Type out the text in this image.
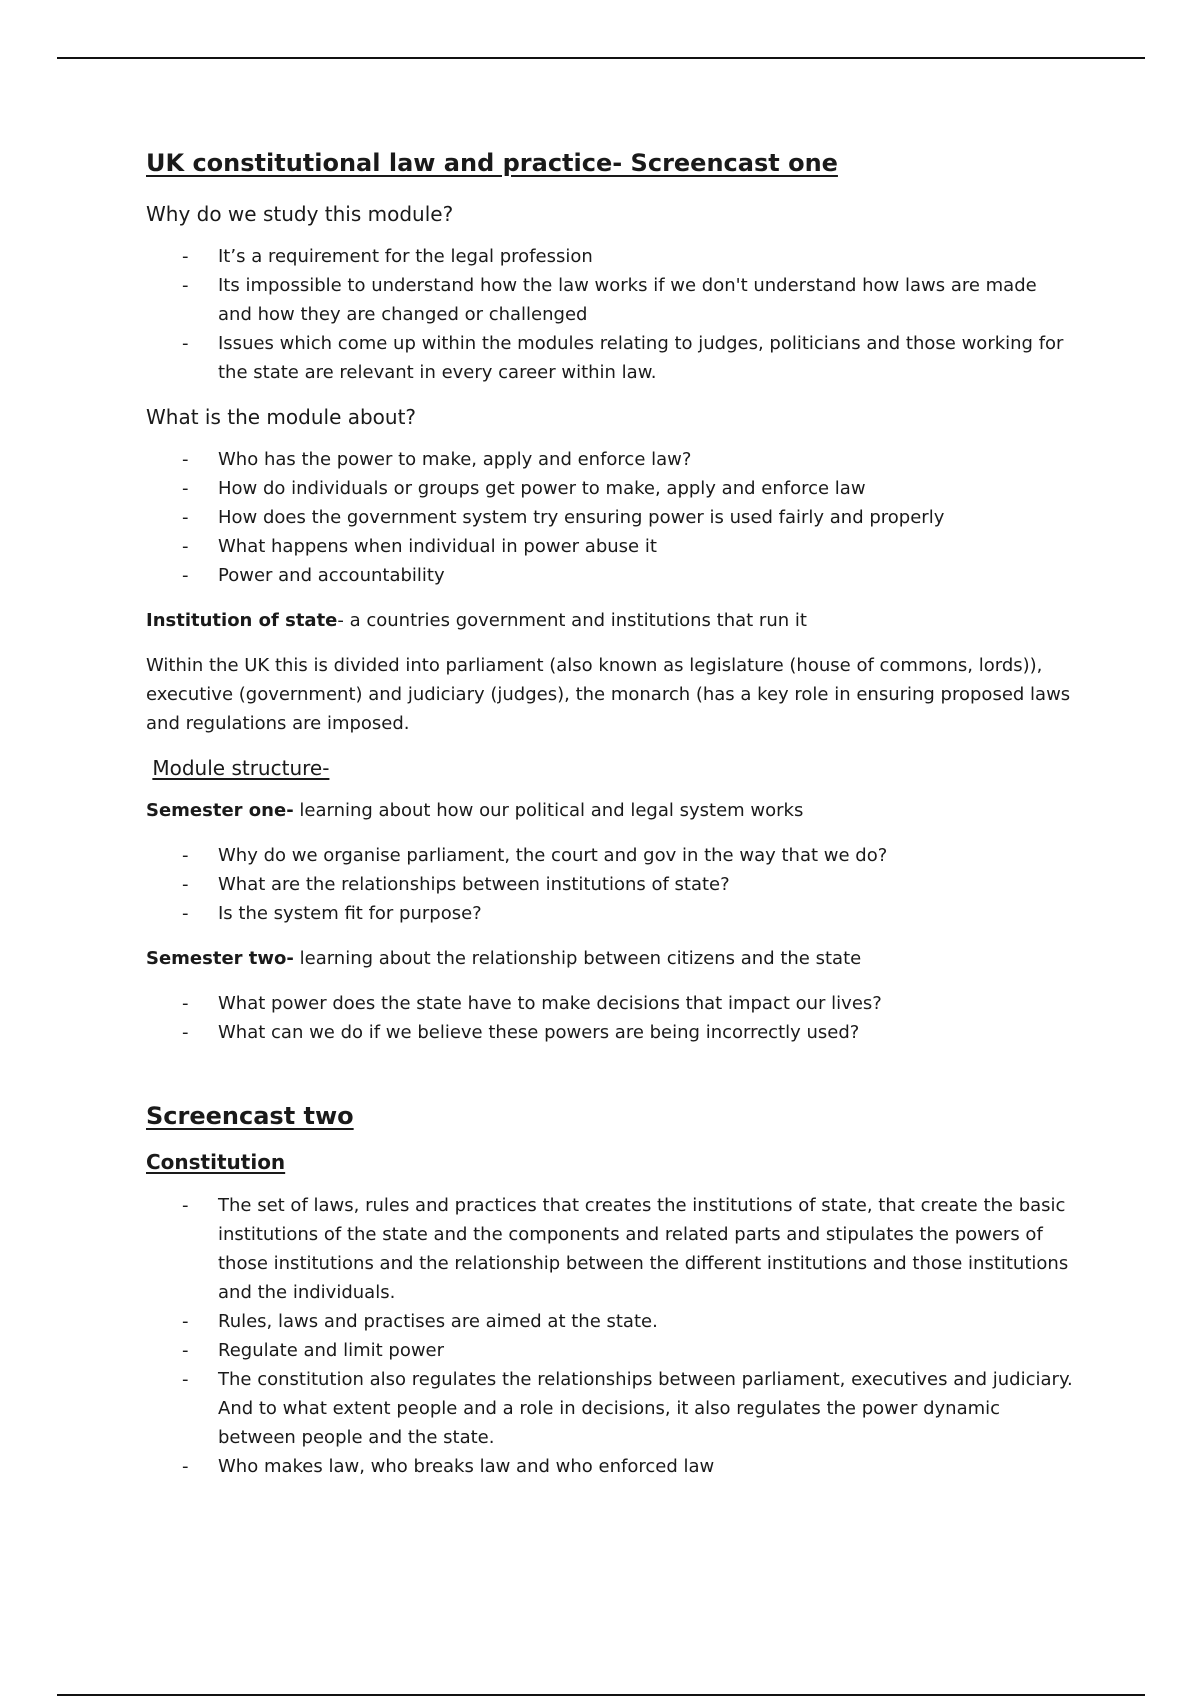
UK constitutional law and practice- Screencast one

Why do we study this module?

- It’s a requirement for the legal profession
- Its impossible to understand how the law works if we don't understand how laws are made and how they are changed or challenged
- Issues which come up within the modules relating to judges, politicians and those working for the state are relevant in every career within law.

What is the module about?

- Who has the power to make, apply and enforce law?
- How do individuals or groups get power to make, apply and enforce law
- How does the government system try ensuring power is used fairly and properly
- What happens when individual in power abuse it
- Power and accountability

Institution of state- a countries government and institutions that run it

Within the UK this is divided into parliament (also known as legislature (house of commons, lords)), executive (government) and judiciary (judges), the monarch (has a key role in ensuring proposed laws and regulations are imposed.

Module structure-

Semester one- learning about how our political and legal system works

- Why do we organise parliament, the court and gov in the way that we do?
- What are the relationships between institutions of state?
- Is the system fit for purpose?

Semester two- learning about the relationship between citizens and the state

- What power does the state have to make decisions that impact our lives?
- What can we do if we believe these powers are being incorrectly used?
Screencast two
Constitution
- The set of laws, rules and practices that creates the institutions of state, that create the basic institutions of the state and the components and related parts and stipulates the powers of those institutions and the relationship between the different institutions and those institutions and the individuals.
- Rules, laws and practises are aimed at the state.
- Regulate and limit power
- The constitution also regulates the relationships between parliament, executives and judiciary. And to what extent people and a role in decisions, it also regulates the power dynamic between people and the state.
- Who makes law, who breaks law and who enforced law
